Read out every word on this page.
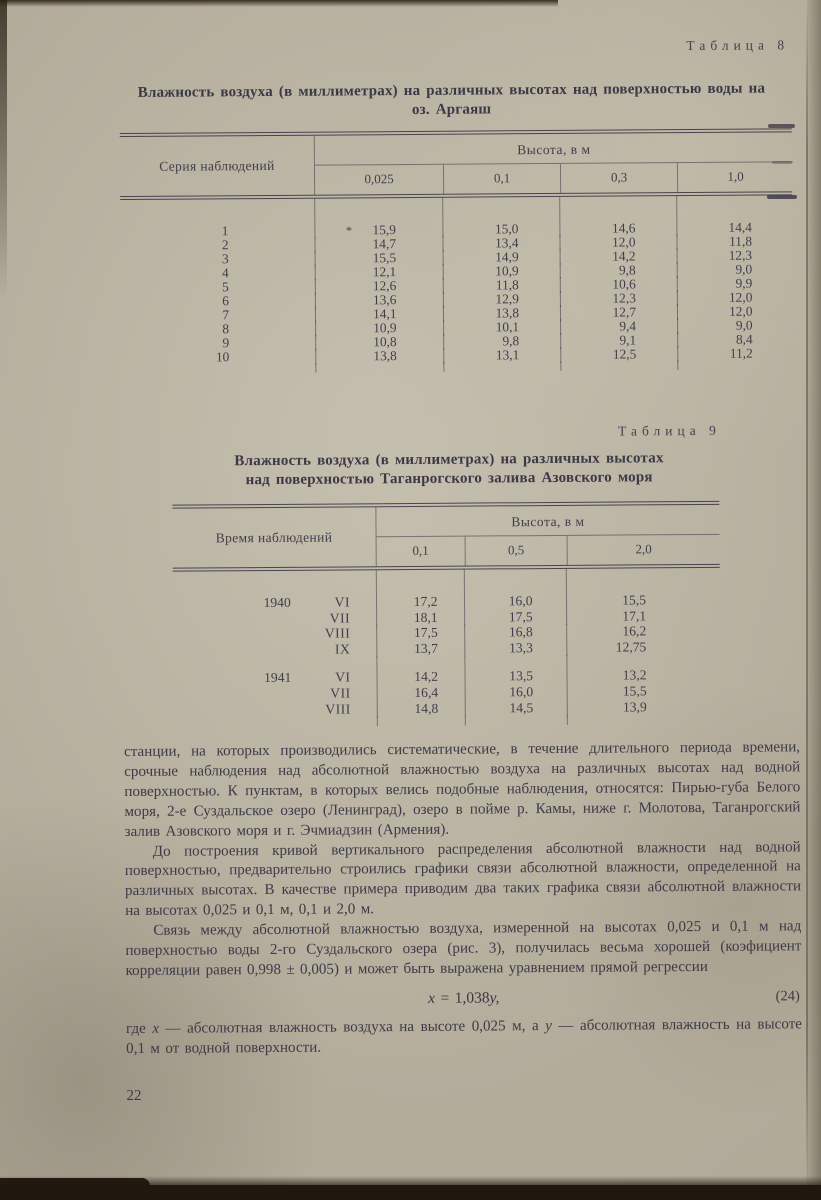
Таблица 8
Влажность воздуха (в миллиметрах) на различных высотах над поверхностью воды на оз. Аргаяш
Серия наблюдений
Высота, в м
0,025	0,1	0,3	1,0
1	*	15,9	15,0	14,6	14,4
2	14,7	13,4	12,0	11,8
3	15,5	14,9	14,2	12,3
4	12,1	10,9	9,8	9,0
5	12,6	11,8	10,6	9,9
6	13,6	12,9	12,3	12,0
7	14,1	13,8	12,7	12,0
8	10,9	10,1	9,4	9,0
9	10,8	9,8	9,1	8,4
10	13,8	13,1	12,5	11,2
Таблица 9
Влажность воздуха (в миллиметрах) на различных высотах
над поверхностью Таганрогского залива Азовского моря
Время наблюдений
Высота, в м
0,1	0,5	2,0
1940	VI	17,2	16,0	15,5
VII	18,1	17,5	17,1
VIII	17,5	16,8	16,2
IX	13,7	13,3	12,75
1941	VI	14,2	13,5	13,2
VII	16,4	16,0	15,5
VIII	14,8	14,5	13,9

станции, на которых производились систематические, в течение длительного периода времени, срочные наблюдения над абсолютной влажностью воздуха на различных высотах над водной поверхностью. К пунктам, в которых велись подобные наблюдения, относятся: Пирью-губа Белого моря, 2-е Суздальское озеро (Ленинград), озеро в пойме р. Камы, ниже г. Молотова, Таганрогский залив Азовского моря и г. Эчмиадзин (Армения).

До построения кривой вертикального распределения абсолютной влажности над водной поверхностью, предварительно строились графики связи абсолютной влажности, определенной на различных высотах. В качестве примера приводим два таких графика связи абсолютной влажности на высотах 0,025 и 0,1 м, 0,1 и 2,0 м.

Связь между абсолютной влажностью воздуха, измеренной на высотах 0,025 и 0,1 м над поверхностью воды 2-го Суздальского озера (рис. 3), получилась весьма хорошей (коэфициент корреляции равен 0,998 ± 0,005) и может быть выражена уравнением прямой регрессии

x = 1,038y,	(24)

где x — абсолютная влажность воздуха на высоте 0,025 м, а y — абсолютная влажность на высоте 0,1 м от водной поверхности.

22
